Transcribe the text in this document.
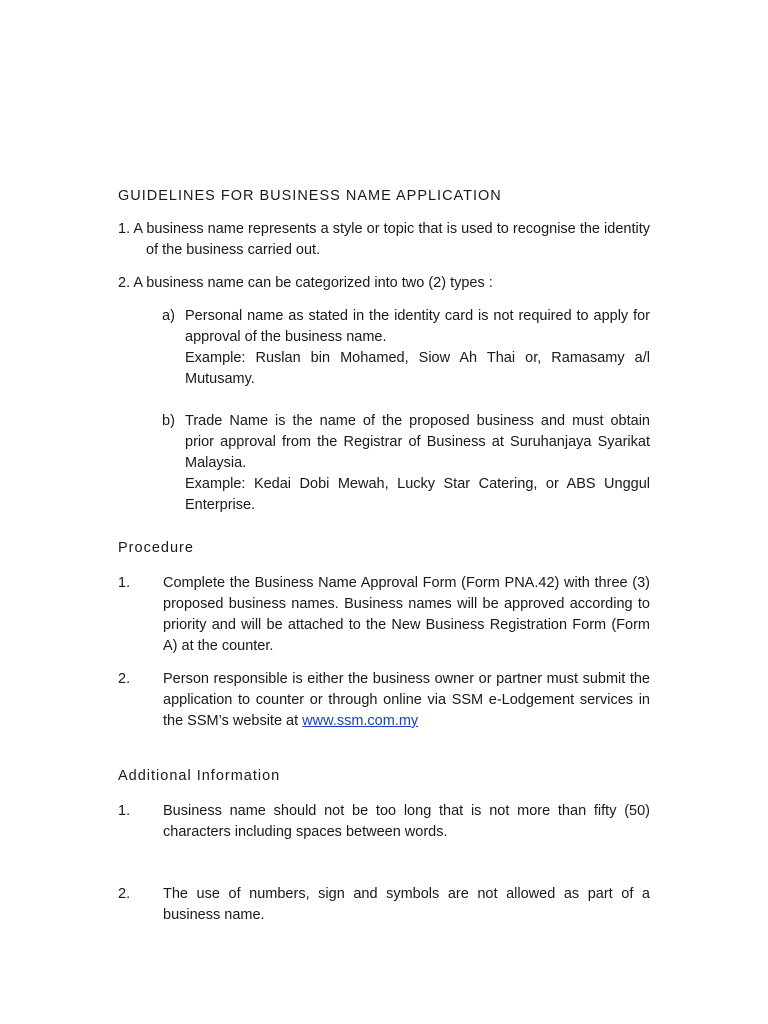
GUIDELINES FOR BUSINESS NAME APPLICATION
1. A business name represents a style or topic that is used to recognise the identity of the business carried out.
2. A business name can be categorized into two (2) types :
a) Personal name as stated in the identity card is not required to apply for approval of the business name.

Example: Ruslan bin Mohamed, Siow Ah Thai or, Ramasamy a/l Mutusamy.

b) Trade Name is the name of the proposed business and must obtain prior approval from the Registrar of Business at Suruhanjaya Syarikat Malaysia.

Example: Kedai Dobi Mewah, Lucky Star Catering, or ABS Unggul Enterprise.

Procedure
1.	Complete the Business Name Approval Form (Form PNA.42) with three (3) proposed business names. Business names will be approved according to priority and will be attached to the New Business Registration Form (Form A) at the counter.
2.	Person responsible is either the business owner or partner must submit the application to counter or through online via SSM e-Lodgement services in the SSM’s website at www.ssm.com.my
Additional Information
1.	Business name should not be too long that is not more than fifty (50) characters including spaces between words.
2.	The use of numbers, sign and symbols are not allowed as part of a business name.
